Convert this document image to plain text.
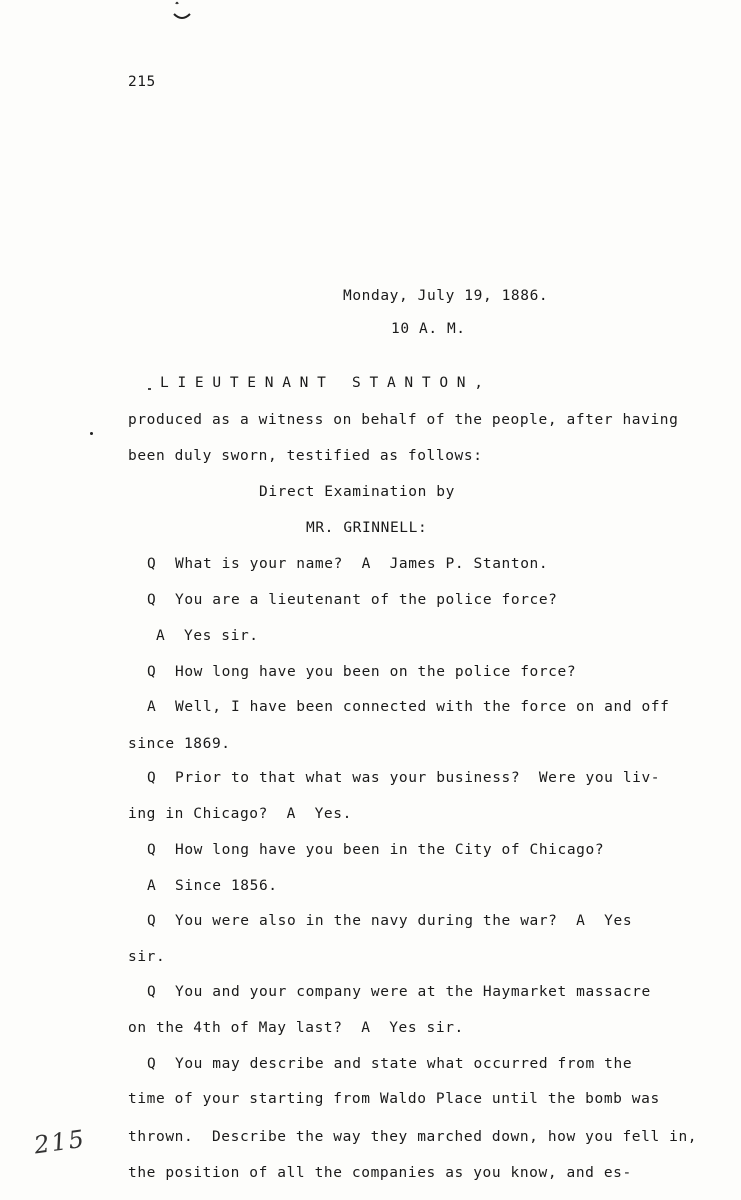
215
Monday, July 19, 1886.
10 A. M.
L I E U T E N A N T   S T A N T O N ,
produced as a witness on behalf of the people, after having
been duly sworn, testified as follows:
Direct Examination by
MR. GRINNELL:
Q  What is your name?  A  James P. Stanton.
Q  You are a lieutenant of the police force?
A  Yes sir.
Q  How long have you been on the police force?
A  Well, I have been connected with the force on and off
since 1869.
Q  Prior to that what was your business?  Were you liv-
ing in Chicago?  A  Yes.
Q  How long have you been in the City of Chicago?
A  Since 1856.
Q  You were also in the navy during the war?  A  Yes
sir.
Q  You and your company were at the Haymarket massacre
on the 4th of May last?  A  Yes sir.
Q  You may describe and state what occurred from the
time of your starting from Waldo Place until the bomb was
thrown.  Describe the way they marched down, how you fell in,
the position of all the companies as you know, and es-
215
